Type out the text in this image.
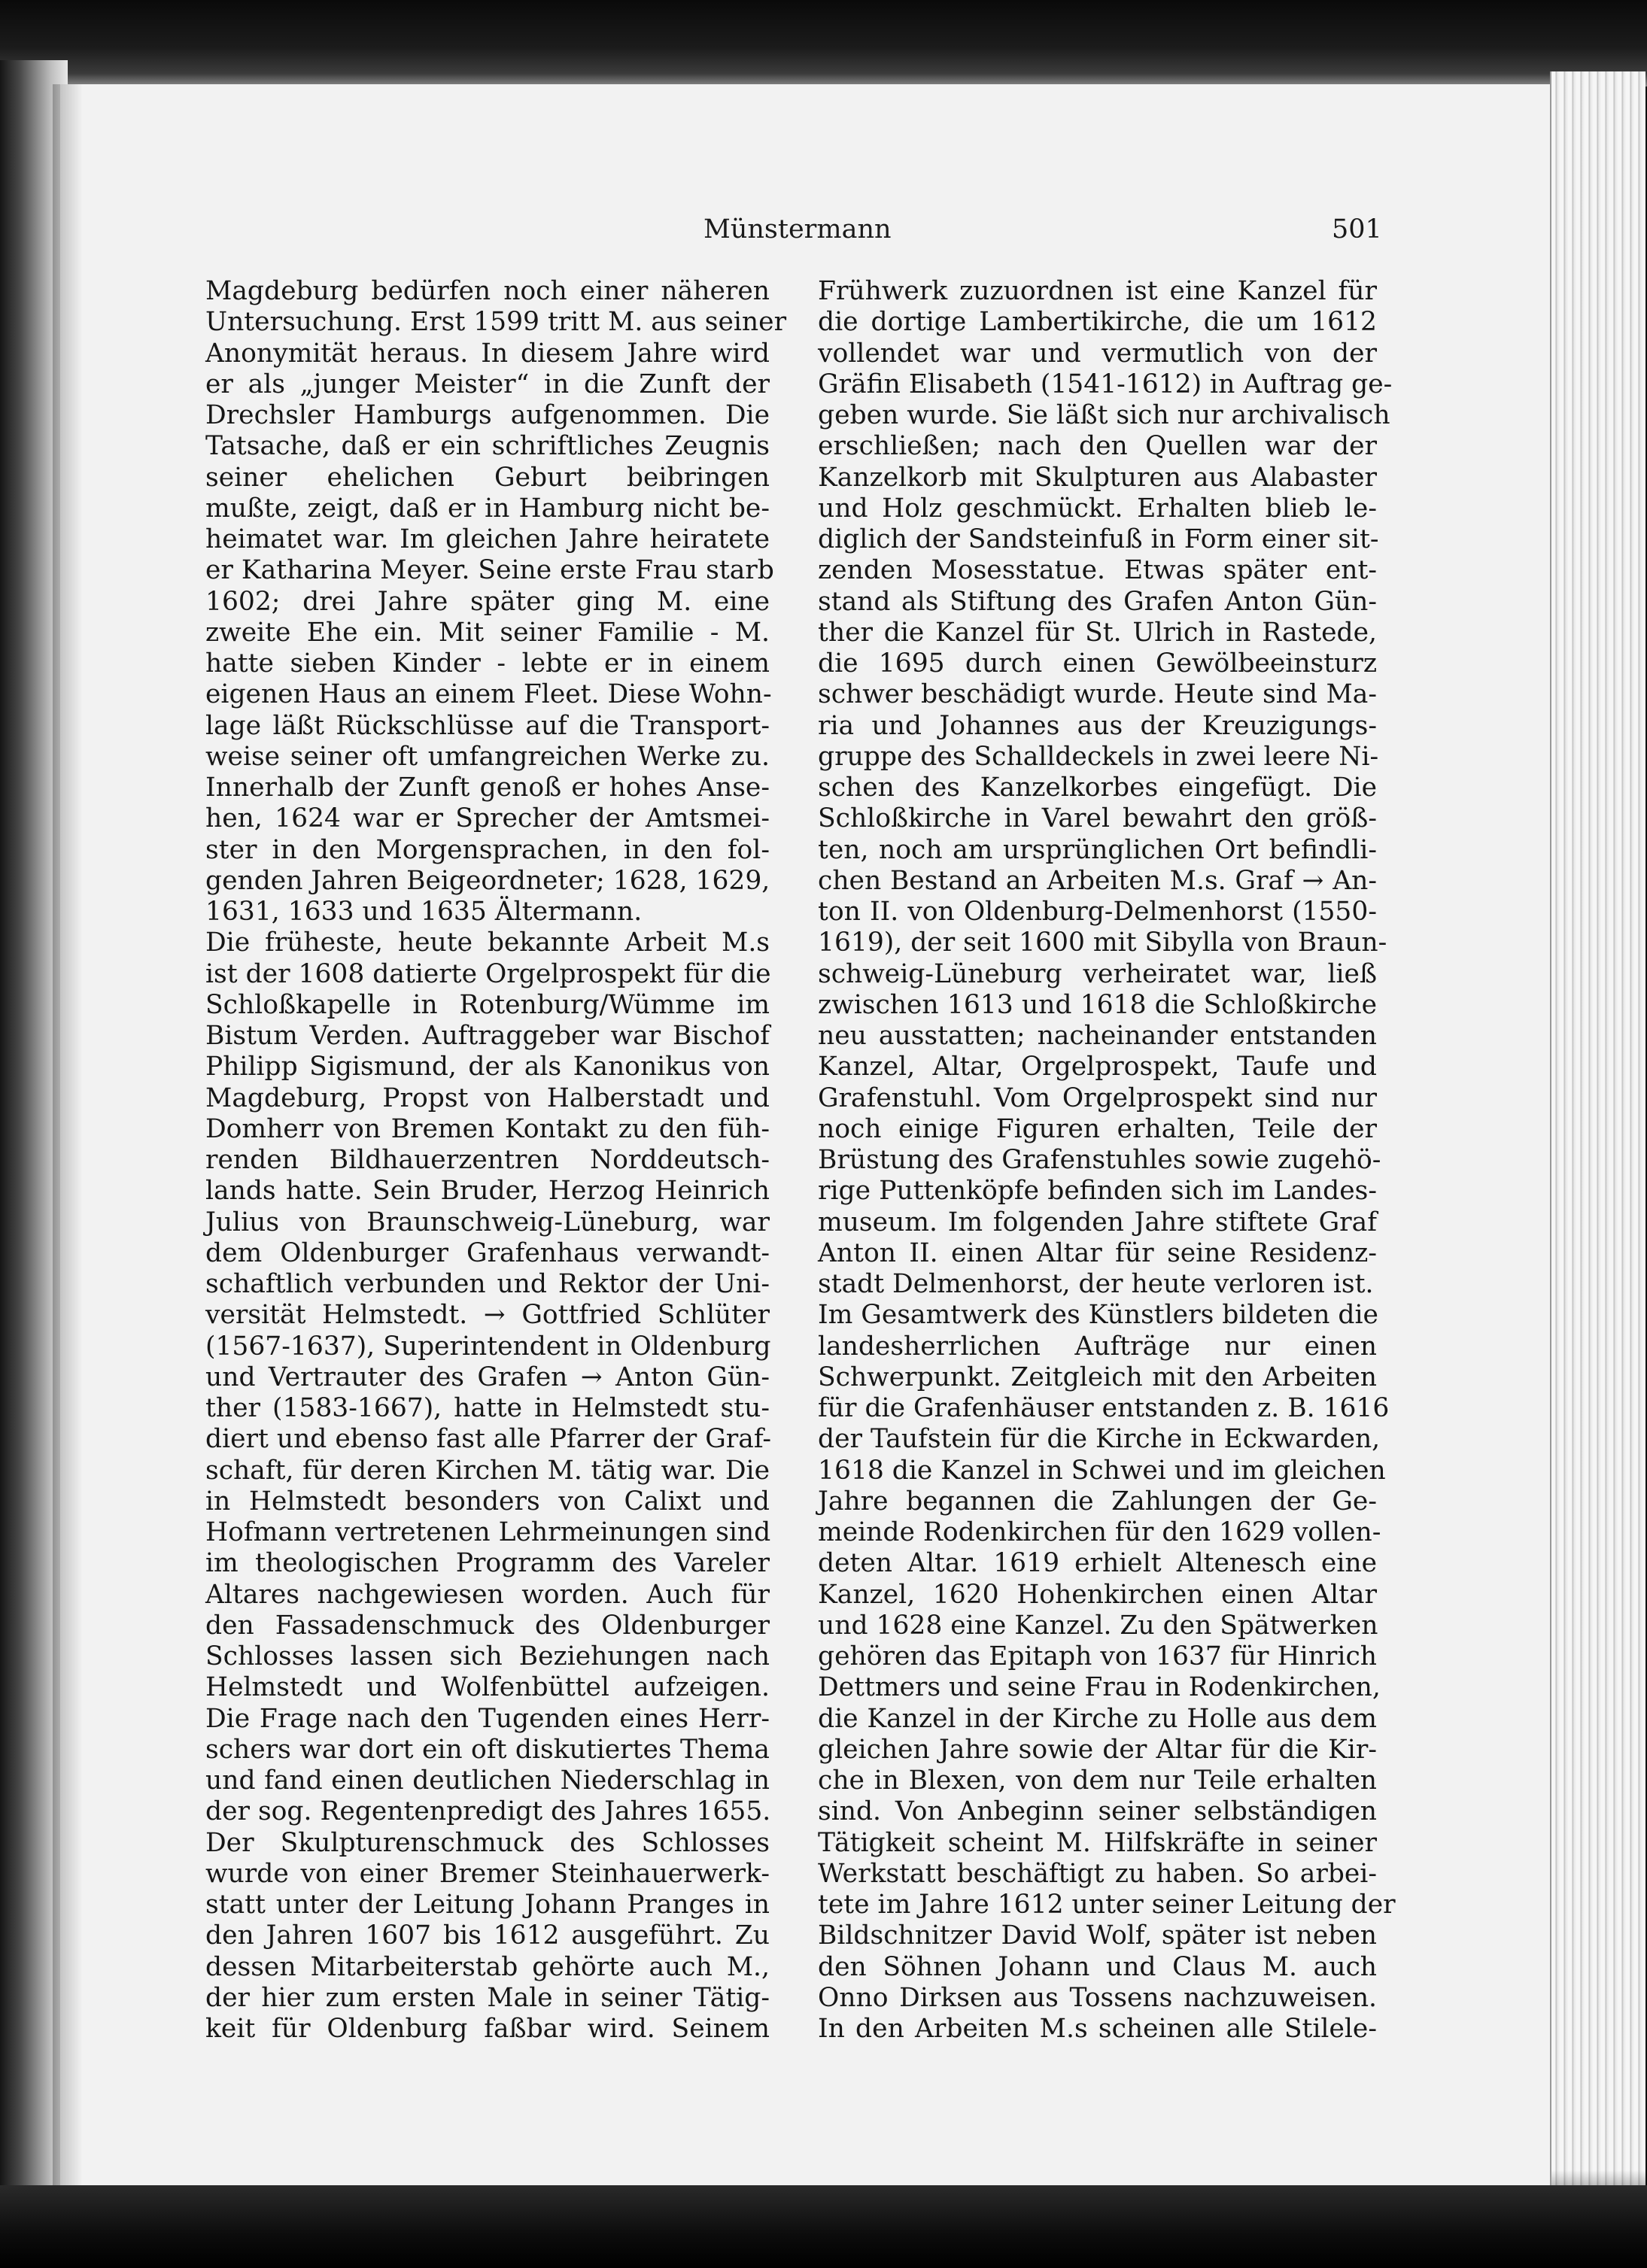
Münstermann	501
Magdeburg bedürfen noch einer näheren
Untersuchung. Erst 1599 tritt M. aus seiner
Anonymität heraus. In diesem Jahre wird
er als „junger Meister“ in die Zunft der
Drechsler Hamburgs aufgenommen. Die
Tatsache, daß er ein schriftliches Zeugnis
seiner ehelichen Geburt beibringen
mußte, zeigt, daß er in Hamburg nicht be-
heimatet war. Im gleichen Jahre heiratete
er Katharina Meyer. Seine erste Frau starb
1602; drei Jahre später ging M. eine
zweite Ehe ein. Mit seiner Familie - M.
hatte sieben Kinder - lebte er in einem
eigenen Haus an einem Fleet. Diese Wohn-
lage läßt Rückschlüsse auf die Transport-
weise seiner oft umfangreichen Werke zu.
Innerhalb der Zunft genoß er hohes Anse-
hen, 1624 war er Sprecher der Amtsmei-
ster in den Morgensprachen, in den fol-
genden Jahren Beigeordneter; 1628, 1629,
1631, 1633 und 1635 Ältermann.
Die früheste, heute bekannte Arbeit M.s
ist der 1608 datierte Orgelprospekt für die
Schloßkapelle in Rotenburg/Wümme im
Bistum Verden. Auftraggeber war Bischof
Philipp Sigismund, der als Kanonikus von
Magdeburg, Propst von Halberstadt und
Domherr von Bremen Kontakt zu den füh-
renden Bildhauerzentren Norddeutsch-
lands hatte. Sein Bruder, Herzog Heinrich
Julius von Braunschweig-Lüneburg, war
dem Oldenburger Grafenhaus verwandt-
schaftlich verbunden und Rektor der Uni-
versität Helmstedt. → Gottfried Schlüter
(1567-1637), Superintendent in Oldenburg
und Vertrauter des Grafen → Anton Gün-
ther (1583-1667), hatte in Helmstedt stu-
diert und ebenso fast alle Pfarrer der Graf-
schaft, für deren Kirchen M. tätig war. Die
in Helmstedt besonders von Calixt und
Hofmann vertretenen Lehrmeinungen sind
im theologischen Programm des Vareler
Altares nachgewiesen worden. Auch für
den Fassadenschmuck des Oldenburger
Schlosses lassen sich Beziehungen nach
Helmstedt und Wolfenbüttel aufzeigen.
Die Frage nach den Tugenden eines Herr-
schers war dort ein oft diskutiertes Thema
und fand einen deutlichen Niederschlag in
der sog. Regentenpredigt des Jahres 1655.
Der Skulpturenschmuck des Schlosses
wurde von einer Bremer Steinhauerwerk-
statt unter der Leitung Johann Pranges in
den Jahren 1607 bis 1612 ausgeführt. Zu
dessen Mitarbeiterstab gehörte auch M.,
der hier zum ersten Male in seiner Tätig-
keit für Oldenburg faßbar wird. Seinem
Frühwerk zuzuordnen ist eine Kanzel für
die dortige Lambertikirche, die um 1612
vollendet war und vermutlich von der
Gräfin Elisabeth (1541-1612) in Auftrag ge-
geben wurde. Sie läßt sich nur archivalisch
erschließen; nach den Quellen war der
Kanzelkorb mit Skulpturen aus Alabaster
und Holz geschmückt. Erhalten blieb le-
diglich der Sandsteinfuß in Form einer sit-
zenden Mosesstatue. Etwas später ent-
stand als Stiftung des Grafen Anton Gün-
ther die Kanzel für St. Ulrich in Rastede,
die 1695 durch einen Gewölbeeinsturz
schwer beschädigt wurde. Heute sind Ma-
ria und Johannes aus der Kreuzigungs-
gruppe des Schalldeckels in zwei leere Ni-
schen des Kanzelkorbes eingefügt. Die
Schloßkirche in Varel bewahrt den größ-
ten, noch am ursprünglichen Ort befindli-
chen Bestand an Arbeiten M.s. Graf → An-
ton II. von Oldenburg-Delmenhorst (1550-
1619), der seit 1600 mit Sibylla von Braun-
schweig-Lüneburg verheiratet war, ließ
zwischen 1613 und 1618 die Schloßkirche
neu ausstatten; nacheinander entstanden
Kanzel, Altar, Orgelprospekt, Taufe und
Grafenstuhl. Vom Orgelprospekt sind nur
noch einige Figuren erhalten, Teile der
Brüstung des Grafenstuhles sowie zugehö-
rige Puttenköpfe befinden sich im Landes-
museum. Im folgenden Jahre stiftete Graf
Anton II. einen Altar für seine Residenz-
stadt Delmenhorst, der heute verloren ist.
Im Gesamtwerk des Künstlers bildeten die
landesherrlichen Aufträge nur einen
Schwerpunkt. Zeitgleich mit den Arbeiten
für die Grafenhäuser entstanden z. B. 1616
der Taufstein für die Kirche in Eckwarden,
1618 die Kanzel in Schwei und im gleichen
Jahre begannen die Zahlungen der Ge-
meinde Rodenkirchen für den 1629 vollen-
deten Altar. 1619 erhielt Altenesch eine
Kanzel, 1620 Hohenkirchen einen Altar
und 1628 eine Kanzel. Zu den Spätwerken
gehören das Epitaph von 1637 für Hinrich
Dettmers und seine Frau in Rodenkirchen,
die Kanzel in der Kirche zu Holle aus dem
gleichen Jahre sowie der Altar für die Kir-
che in Blexen, von dem nur Teile erhalten
sind. Von Anbeginn seiner selbständigen
Tätigkeit scheint M. Hilfskräfte in seiner
Werkstatt beschäftigt zu haben. So arbei-
tete im Jahre 1612 unter seiner Leitung der
Bildschnitzer David Wolf, später ist neben
den Söhnen Johann und Claus M. auch
Onno Dirksen aus Tossens nachzuweisen.
In den Arbeiten M.s scheinen alle Stilele-
